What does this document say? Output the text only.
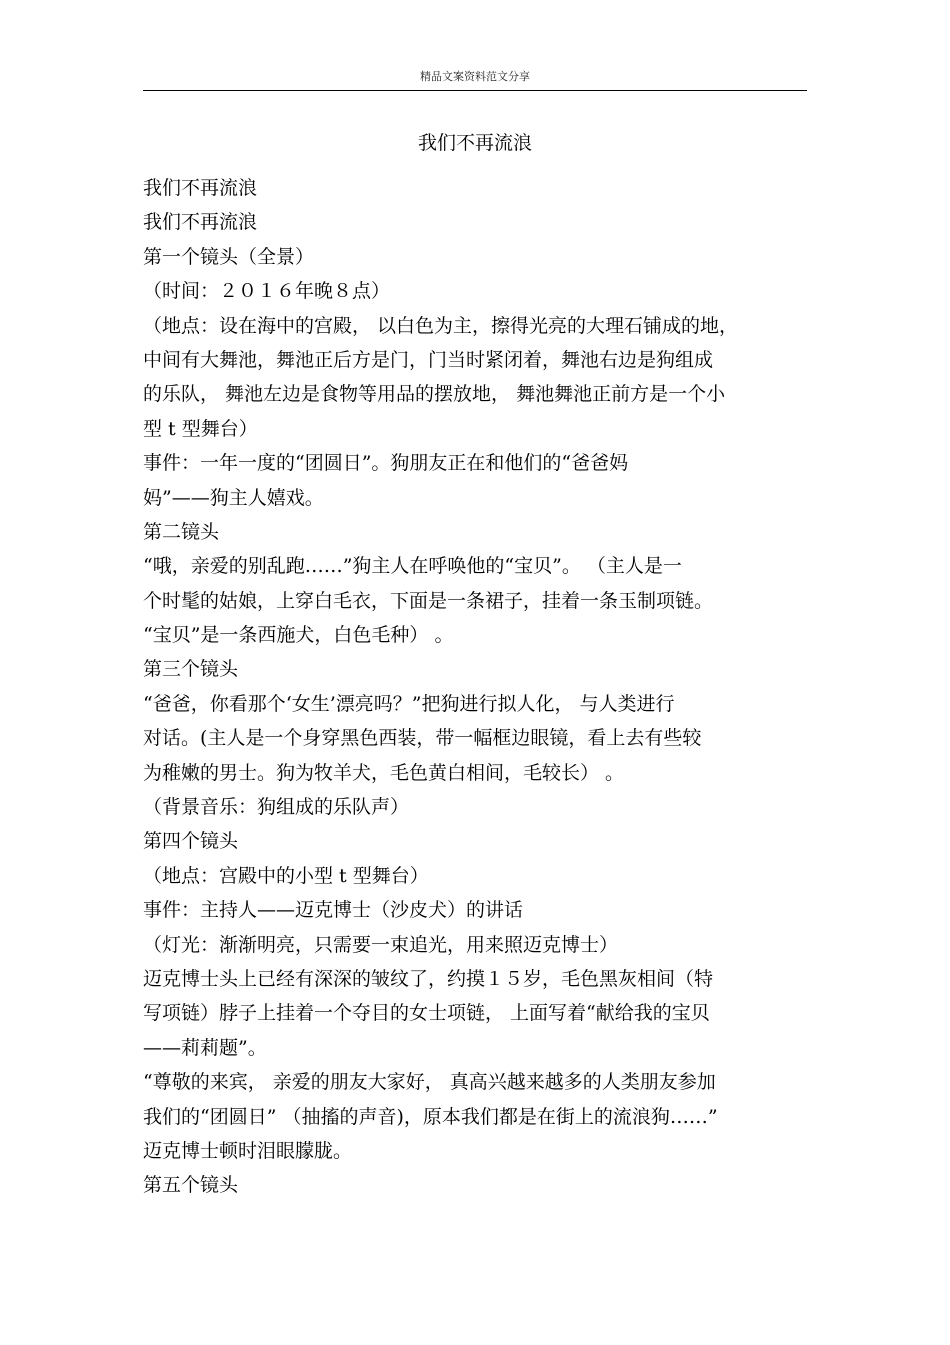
精品文案资料范文分享
我们不再流浪
我们不再流浪
我们不再流浪
第一个镜头（全景）
（时间：２０１６年晚８点）
（地点：设在海中的宫殿， 以白色为主，擦得光亮的大理石铺成的地，
中间有大舞池，舞池正后方是门，门当时紧闭着，舞池右边是狗组成
的乐队， 舞池左边是食物等用品的摆放地， 舞池舞池正前方是一个小
型 t 型舞台）
事件：一年一度的“团圆日”。狗朋友正在和他们的“爸爸妈
妈”——狗主人嬉戏。
第二镜头
“哦，亲爱的别乱跑……”狗主人在呼唤他的“宝贝”。 （主人是一
个时髦的姑娘，上穿白毛衣，下面是一条裙子，挂着一条玉制项链。
“宝贝”是一条西施犬，白色毛种） 。
第三个镜头
“爸爸，你看那个‘女生’漂亮吗？”把狗进行拟人化， 与人类进行
对话。(主人是一个身穿黑色西装，带一幅框边眼镜，看上去有些较
为稚嫩的男士。狗为牧羊犬，毛色黄白相间，毛较长） 。
（背景音乐：狗组成的乐队声）
第四个镜头
（地点：宫殿中的小型 t 型舞台）
事件：主持人——迈克博士（沙皮犬）的讲话
（灯光：渐渐明亮，只需要一束追光，用来照迈克博士）
迈克博士头上已经有深深的皱纹了，约摸１５岁，毛色黑灰相间（特
写项链）脖子上挂着一个夺目的女士项链， 上面写着“献给我的宝贝
——莉莉题”。
“尊敬的来宾， 亲爱的朋友大家好， 真高兴越来越多的人类朋友参加
我们的“团圆日” （抽搐的声音)，原本我们都是在街上的流浪狗……”
迈克博士顿时泪眼朦胧。
第五个镜头
